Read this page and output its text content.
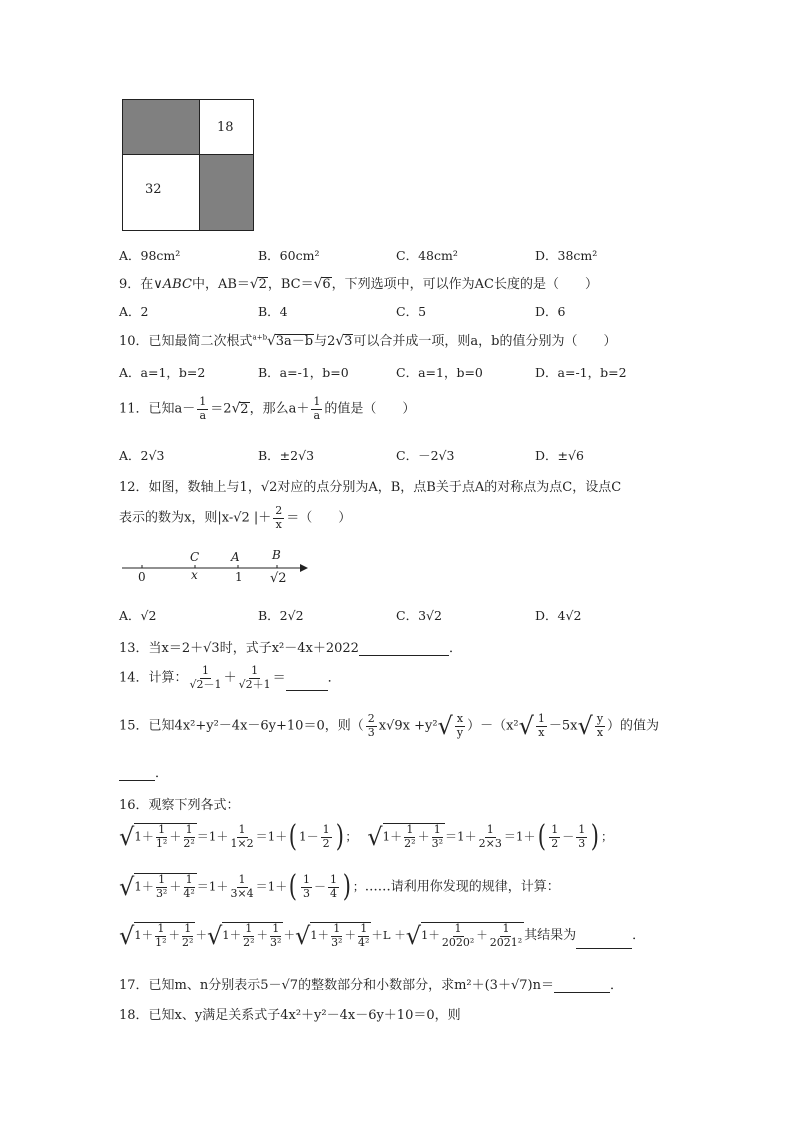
18
32
A．98cm²	B．60cm²	C．48cm²	D．38cm²
9．在∨ABC中，AB＝√2，BC＝√6，下列选项中，可以作为AC长度的是（　　）
A．2	B．4	C．5	D．6
10．已知最简二次根式$^{a+b}$√3a－b与2√3可以合并成一项，则a，b的值分别为（　　）
A．a=1，b=2	B．a=-1，b=0	C．a=1，b=0	D．a=-1，b=2
11．已知$a- \frac{1}{a} =2√2$，那么$a+ \frac{1}{a}$ 的值是（　　）
A．2√3	B．±2√3	C．－2√3	D．±√6
12．如图，数轴上与1，√2对应的点分别为A，B，点B关于点A的对称点为点C，设点C
表示的数为x，则|x-√2 |＋ $\frac{2}{x}$ ＝（　　）
C	A	B
0	x	1 √2
A．√2	B．2√2	C．3√2	D．4√2
13．当x＝2＋√3时，式子x²－4x＋2022	．
14．计算： $\frac{1}{√2-1} + \frac{1}{√2+1}$ ＝	．
15．已知4x²+y²－4x－6y+10＝0，则（ $\frac{2}{3} x√9x +y^2√ \frac{x}{y} )-(x^2√ \frac{1}{x} -5x√ \frac{y}{x}$ ）的值为
．
16．观察下列各式：
$√1+ \frac{1}{\text{1²}} + \frac{1}{\text{2²}} =1+ \frac{1}{1\times 2} =1+$( $1- \frac{1}{2}$ ) ； $√1+ \frac{1}{\text{2²}} + \frac{1}{\text{3²}} =1+ \frac{1}{2\times 3} =1+( \frac{1}{2} - \frac{1}{3}$ ) ；
$√1+ \frac{1}{\text{3²}} + \frac{1}{\text{4²}} =1+ \frac{1}{3\times 4} =1+( \frac{1}{3} - \frac{1}{4}$ ) ；……请利用你发现的规律，计算：
$√1+ \frac{1}{\text{1²}} + \frac{1}{\text{2²}} +√1+ \frac{1}{\text{2²}} + \frac{1}{\text{3²}} +√1+ \frac{1}{\text{3²}} + \frac{1}{\text{4²}} +L +√1+ \frac{1}{\text{2020²}} + \frac{1}{\text{2021²}}$ 其结果为	．
17．已知m、n分别表示5－√7的整数部分和小数部分，求m²＋(3＋√7)n＝	．
18．已知x、y满足关系式子4x²＋y²－4x－6y＋10＝0，则
